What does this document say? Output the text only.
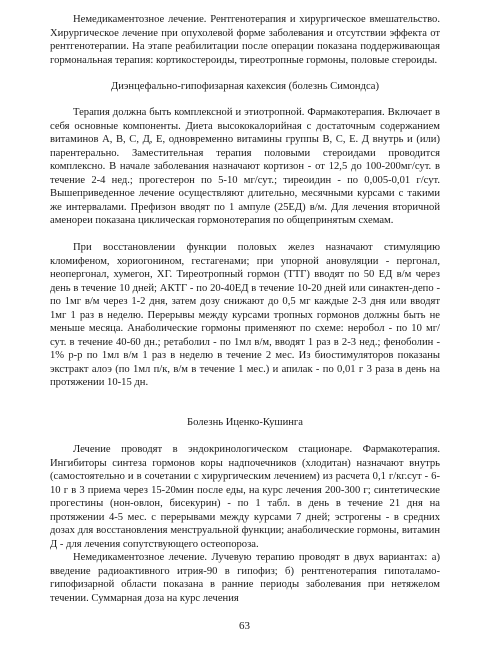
Немедикаментозное лечение. Рентгенотерапия и хирургическое вмешательство. Хирургическое лечение при опухолевой форме заболевания и отсутствии эффекта от рентгенотерапии. На этапе реабилитации после операции показана поддерживающая гормональная терапия: кортикостероиды, тиреотропные гормоны, половые стероиды.

Диэнцефально-гипофизарная кахексия (болезнь Симондса)

Терапия должна быть комплексной и этиотропной. Фармакотерапия. Включает в себя основные компоненты. Диета высококалорийная с достаточным содержанием витаминов А, В, С, Д, Е, одновременно витамины группы В, С, Е. Д внутрь и (или) парентерально. Заместительная терапия половыми стероидами проводится комплексно. В начале заболевания назначают кортизон - от 12,5 до 100-200мг/сут. в течение 2-4 нед.; прогестерон по 5-10 мг/сут.; тиреоидин - по 0,005-0,01 г/сут. Вышеприведенное лечение осуществляют длительно, месячными курсами с такими же интервалами. Префизон вводят по 1 ампуле (25ЕД) в/м. Для лечения вторичной аменореи показана циклическая гормонотерапия по общепринятым схемам.

При восстановлении функции половых желез назначают стимуляцию кломифеном, хориогонином, гестагенами; при упорной ановуляции - пергонал, неопергонал, хумегон, ХГ. Тиреотропный гормон (ТТГ) вводят по 50 ЕД в/м через день в течение 10 дней; АКТГ - по 20-40ЕД в течение 10-20 дней или синактен-депо - по 1мг в/м через 1-2 дня, затем дозу снижают до 0,5 мг каждые 2-3 дня или вводят 1мг 1 раз в неделю. Перерывы между курсами тропных гормонов должны быть не меньше месяца. Анаболические гормоны применяют по схеме: неробол - по 10 мг/сут. в течение 40-60 дн.; ретаболил - по 1мл в/м, вводят 1 раз в 2-3 нед.; феноболин - 1% р-р по 1мл в/м 1 раз в неделю в течение 2 мес. Из биостимуляторов показаны экстракт алоэ (по 1мл п/к, в/м в течение 1 мес.) и апилак - по 0,01 г 3 раза в день на протяжении 10-15 дн.

Болезнь Иценко-Кушинга

Лечение проводят в эндокринологическом стационаре. Фармакотерапия. Ингибиторы синтеза гормонов коры надпочечников (хлодитан) назначают внутрь (самостоятельно и в сочетании с хирургическим лечением) из расчета 0,1 г/кг.сут - 6-10 г в 3 приема через 15-20мин после еды, на курс лечения 200-300 г; синтетические прогестины (нон-овлон, бисекурин) - по 1 табл. в день в течение 21 дня на протяжении 4-5 мес. с перерывами между курсами 7 дней; эстрогены - в средних дозах для восстановления менструальной функции; анаболические гормоны, витамин Д - для лечения сопутствующего остеопороза.

Немедикаментозное лечение. Лучевую терапию проводят в двух вариантах: а) введение радиоактивного итрия-90 в гипофиз; б) рентгенотерапия гипоталамо-гипофизарной области показана в ранние периоды заболевания при нетяжелом течении. Суммарная доза на курс лечения

63
